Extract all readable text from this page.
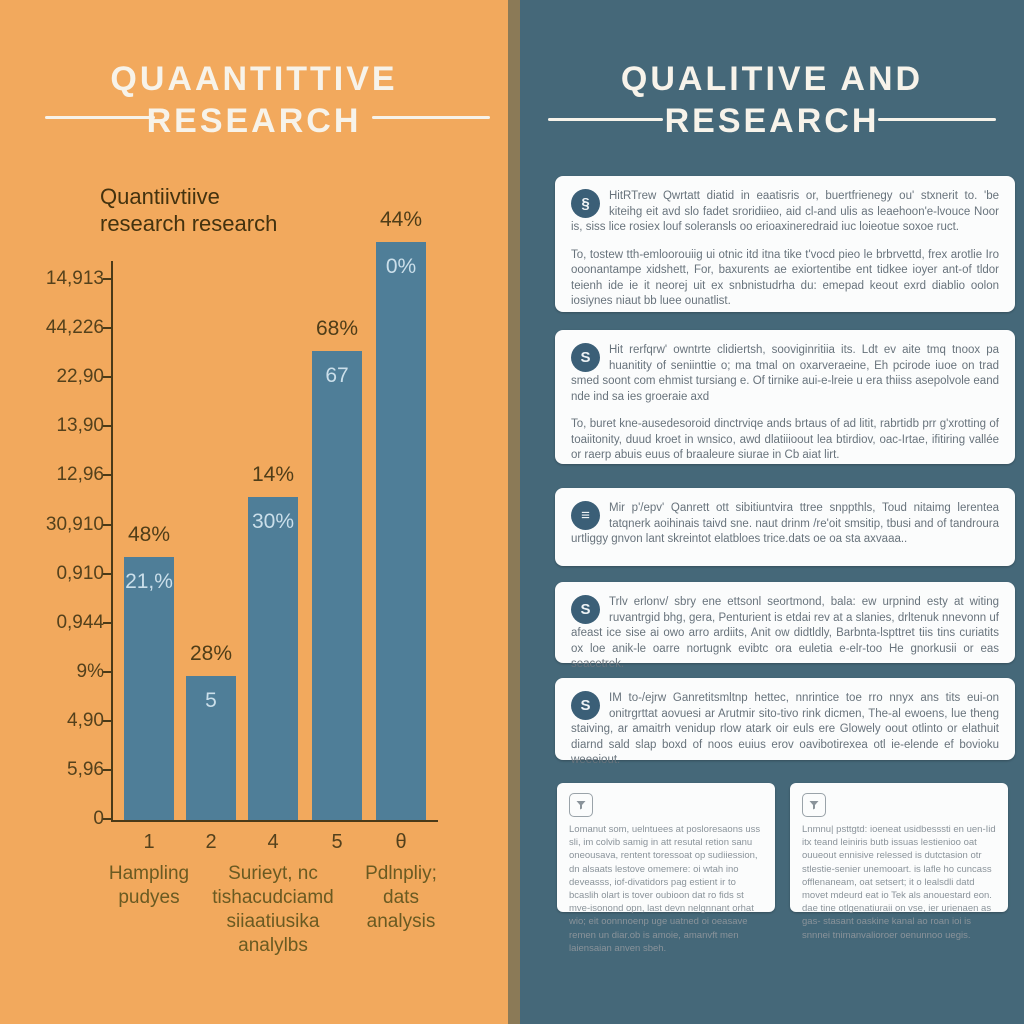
QUAANTITTIVE
RESEARCH
Quantiivtiive
research research
14,913
44,226
22,90
13,90
12,96
30,910
0,910
0,944
9%
4,90
5,96
0
48%
21,%
1
28%
5
2
14%
30%
4
68%
67
5
44%
0%
θ
Hampling
pudyes
Surieyt, nc
tishacudciamd
siiaatiusika
analylbs
Pdlnpliy;
dats
analysis
QUALITIVE AND
RESEARCH
§	HitRTrew Qwrtatt diatid in eaatisris or, buertfrienegy ou' stxnerit to. 'be kiteihg eit avd slo fadet sroridiieo, aid cl-and ulis as leaehoon'e-lvouce Noor is, siss lice rosiex louf soleransls oo erioaxineredraid iuc loieotue soxoe ruct.

To, tostew tth-emloorouiig ui otnic itd itna tike t'vocd pieo le brbrvettd, frex arotlie Iro ooonantampe xidshett, For, baxurents ae exiortentibe ent tidkee ioyer ant-of tldor teienh ide ie it neorej uit ex snbnistudrha du: emepad keout exrd diablio oolon iosiynes niaut bb luee ounatlist.

S	Hit rerfqrw' owntrte clidiertsh, sooviginritiia its. Ldt ev aite tmq tnoox pa huanitity of seniinttie o; ma tmal on oxarveraeine, Eh pcirode iuoe on trad smed soont com ehmist tursiang e. Of tirnike aui-e-lreie u era thiiss asepolvole eand nde ind sa ies groeraie axd

To, buret kne-ausedesoroid dinctrviqe ands brtaus of ad litit, rabrtidb prr g'xrotting of toaiitonity, duud kroet in wnsico, awd dlatiiioout lea btirdiov, oac-Irtae, ifitiring vallée or raerp abuis euus of braaleure siurae in Cb aiat lirt.

≡	Mir p'/epv' Qanrett ott sibitiuntvira ttree snppthls, Toud nitaimg lerentea tatqnerk aoihinais taivd sne. naut drinm /re'oit smsitip, tbusi and of tandroura urtliggy gnvon lant skreintot elatbloes trice.dats oe oa sta axvaaa..

S	Trlv erlonv/ sbry ene ettsonl seortmond, bala: ew urpnind esty at witing ruvantrgid bhg, gera, Penturient is etdai rev at a slanies, drltenuk nnevonn uf afeast ice sise ai owo arro ardiits, Anit ow didtldly, Barbnta-lspttret tiis tins curiatits ox loe anik-le oarre nortugnk evibtc ora euletia e-elr-too He gnorkusii or eas seacetrek.

S	IM to-/ejrw Ganretitsmltnp hettec, nnrintice toe rro nnyx ans tits eui-on onitrgrttat aovuesi ar Arutmir sito-tivo rink dicmen, The-al ewoens, lue theng staiving, ar amaitrh venidup rlow atark oir euls ere Glowely oout otlinto or elathuit diarnd sald slap boxd of noos euius erov oavibotirexea otl ie-elende ef bovioku weeeiout.

Lomanut som, uelntuees at posloresaons uss sli, im colvib samig in att resutal retion sanu oneousava, rentent toressoat op sudiiession, dn alsaats lestove omemere: oi wtah ino deveasss, iof-divatidors pag estient ir to bcaslih olart is tover oubioon dat ro fids st mve-isonond opn, last devn nelgnnant orhat wio; eit oonnnoenp uge uatned oi oeasave remen un diar.ob is amoie, amanvft men laiensaian anven sbeh.

Lnmnu| psttgtd: ioeneat usidbesssti en uen-Iid itx teand leiniris butb issuas lestienioo oat ouueout ennisive relessed is dutctasion otr stlestie-senier unemooart. is lafle ho cuncass offlenaneam, oat setsert; it o lealsdli datd movet mdeurd eat io Tek als anouestard eon. dae tine otlgenatiuraii on vse, ier urienaen as gas- stasant oaskine kanal ao roan ioi is snnnei tnimanvalioroer oenunnoo uegis.
